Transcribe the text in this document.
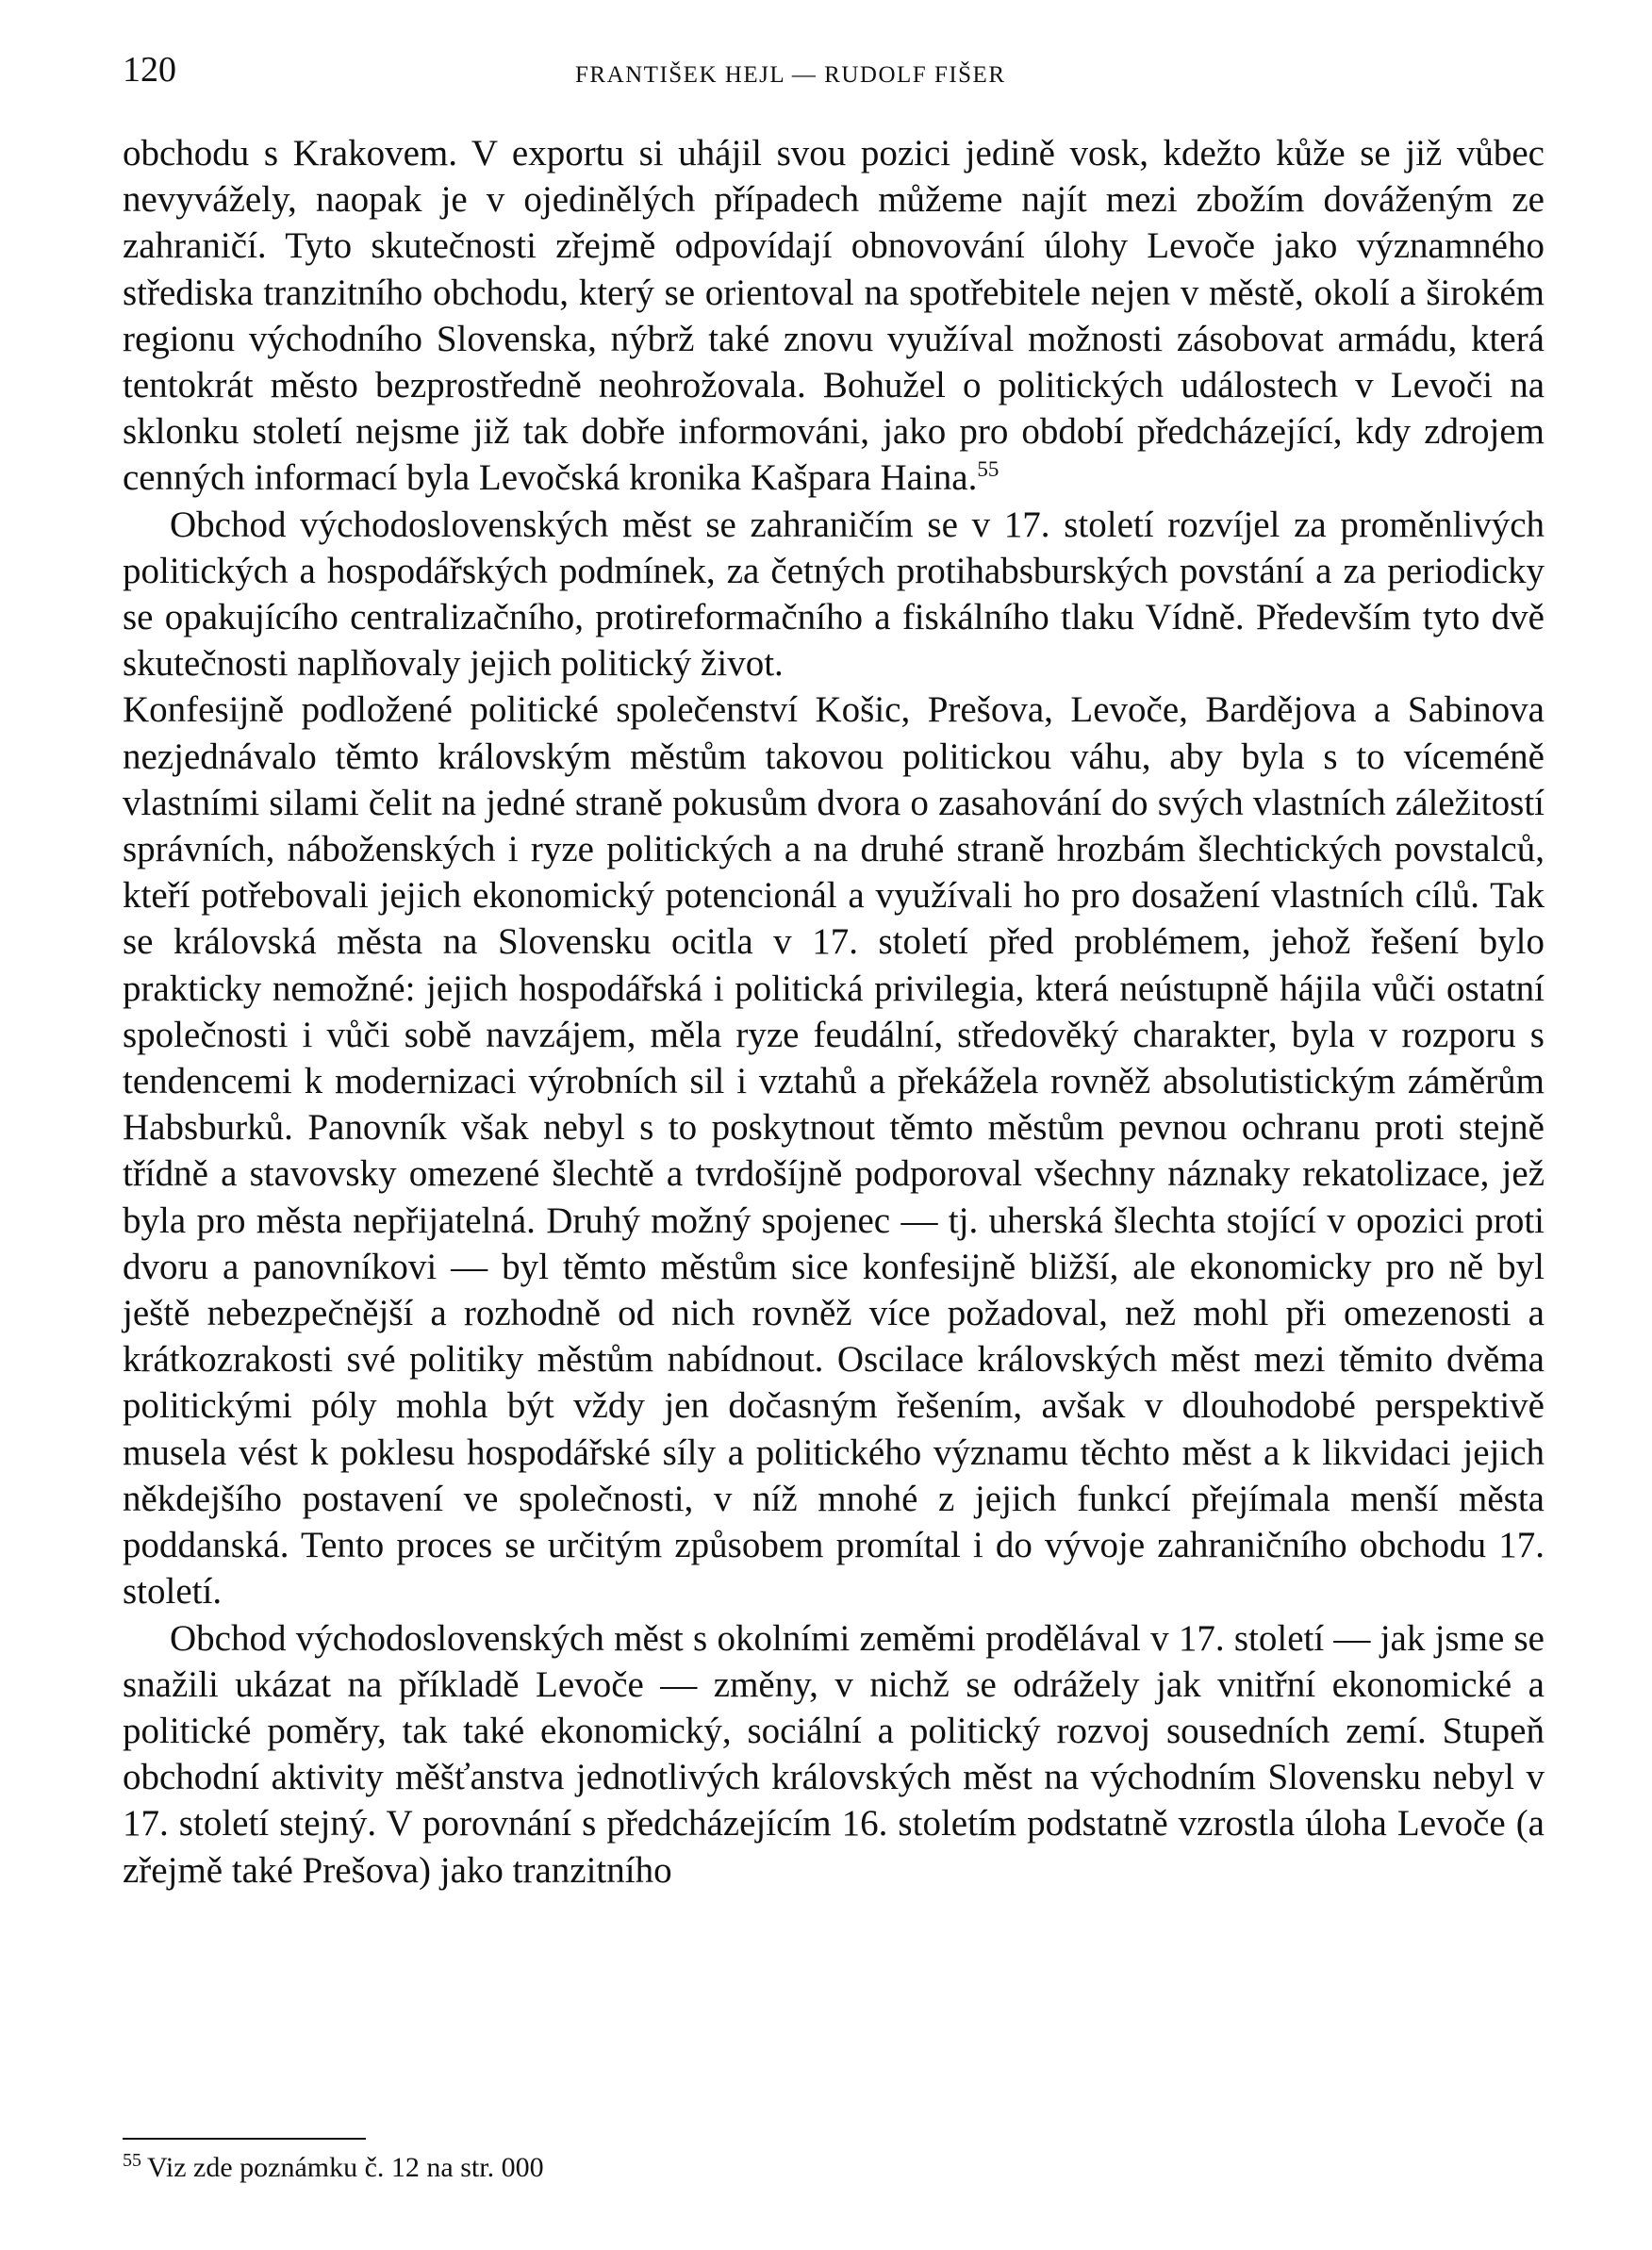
120	FRANTIŠEK HEJL — RUDOLF FIŠER

obchodu s Krakovem. V exportu si uhájil svou pozici jedině vosk, kdežto kůže se již vůbec nevyvážely, naopak je v ojedinělých případech můžeme najít mezi zbožím dováženým ze zahraničí. Tyto skutečnosti zřejmě odpovídají obnovování úlohy Levoče jako významného střediska tranzitního obchodu, který se orientoval na spotřebitele nejen v městě, okolí a širokém regionu východního Slovenska, nýbrž také znovu využíval možnosti zásobovat armádu, která tentokrát město bezprostředně neohrožovala. Bohužel o politických událostech v Levoči na sklonku století nejsme již tak dobře informováni, jako pro období předcházející, kdy zdrojem cenných informací byla Levočská kronika Kašpara Haina.$^{55}$

Obchod východoslovenských měst se zahraničím se v 17. století rozvíjel za proměnlivých politických a hospodářských podmínek, za četných protihabsburských povstání a za periodicky se opakujícího centralizačního, protireformačního a fiskálního tlaku Vídně. Především tyto dvě skutečnosti naplňovaly jejich politický život.

Konfesijně podložené politické společenství Košic, Prešova, Levoče, Bardějova a Sabinova nezjednávalo těmto královským městům takovou politickou váhu, aby byla s to víceméně vlastními silami čelit na jedné straně pokusům dvora o zasahování do svých vlastních záležitostí správních, náboženských i ryze politických a na druhé straně hrozbám šlechtických povstalců, kteří potřebovali jejich ekonomický potencionál a využívali ho pro dosažení vlastních cílů. Tak se královská města na Slovensku ocitla v 17. století před problémem, jehož řešení bylo prakticky nemožné: jejich hospodářská i politická privilegia, která neústupně hájila vůči ostatní společnosti i vůči sobě navzájem, měla ryze feudální, středověký charakter, byla v rozporu s tendencemi k modernizaci výrobních sil i vztahů a překážela rovněž absolutistickým záměrům Habsburků. Panovník však nebyl s to poskytnout těmto městům pevnou ochranu proti stejně třídně a stavovsky omezené šlechtě a tvrdošíjně podporoval všechny náznaky rekatolizace, jež byla pro města nepřijatelná. Druhý možný spojenec — tj. uherská šlechta stojící v opozici proti dvoru a panovníkovi — byl těmto městům sice konfesijně bližší, ale ekonomicky pro ně byl ještě nebezpečnější a rozhodně od nich rovněž více požadoval, než mohl při omezenosti a krátkozrakosti své politiky městům nabídnout. Oscilace královských měst mezi těmito dvěma politickými póly mohla být vždy jen dočasným řešením, avšak v dlouhodobé perspektivě musela vést k poklesu hospodářské síly a politického významu těchto měst a k likvidaci jejich někdejšího postavení ve společnosti, v níž mnohé z jejich funkcí přejímala menší města poddanská. Tento proces se určitým způsobem promítal i do vývoje zahraničního obchodu 17. století.

Obchod východoslovenských měst s okolními zeměmi prodělával v 17. století — jak jsme se snažili ukázat na příkladě Levoče — změny, v nichž se odrážely jak vnitřní ekonomické a politické poměry, tak také ekonomický, sociální a politický rozvoj sousedních zemí. Stupeň obchodní aktivity měšťanstva jednotlivých královských měst na východním Slovensku nebyl v 17. století stejný. V porovnání s předcházejícím 16. stoletím podstatně vzrostla úloha Levoče (a zřejmě také Prešova) jako tranzitního

$^{55}$ Viz zde poznámku č. 12 na str. 000
